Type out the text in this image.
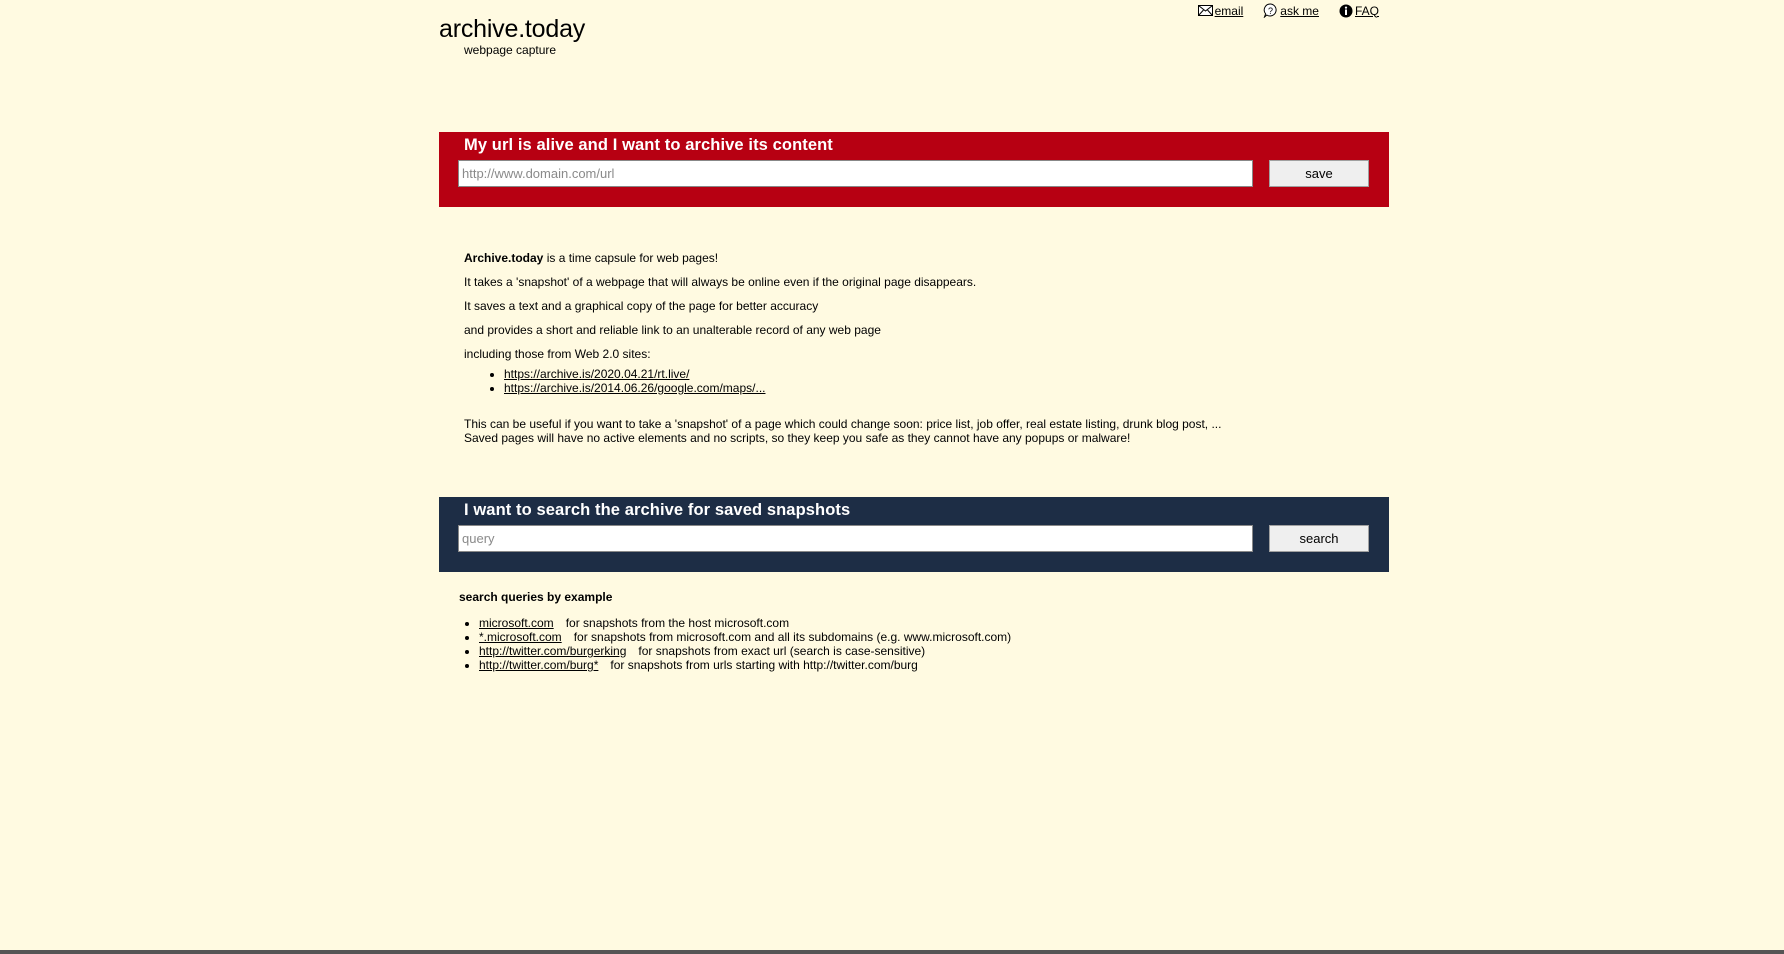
archive.today
webpage capture
email	? ask me	FAQ
My url is alive and I want to archive its content
http://www.domain.com/url
save

Archive.today is a time capsule for web pages!

It takes a 'snapshot' of a webpage that will always be online even if the original page disappears.

It saves a text and a graphical copy of the page for better accuracy

and provides a short and reliable link to an unalterable record of any web page

including those from Web 2.0 sites:

• https://archive.is/2020.04.21/rt.live/
• https://archive.is/2014.06.26/google.com/maps/...
This can be useful if you want to take a 'snapshot' of a page which could change soon: price list, job offer, real estate listing, drunk blog post, ...
Saved pages will have no active elements and no scripts, so they keep you safe as they cannot have any popups or malware!
I want to search the archive for saved snapshots
query
search
search queries by example
• microsoft.com for snapshots from the host microsoft.com
• *.microsoft.com for snapshots from microsoft.com and all its subdomains (e.g. www.microsoft.com)
• http://twitter.com/burgerking for snapshots from exact url (search is case-sensitive)
• http://twitter.com/burg* for snapshots from urls starting with http://twitter.com/burg
